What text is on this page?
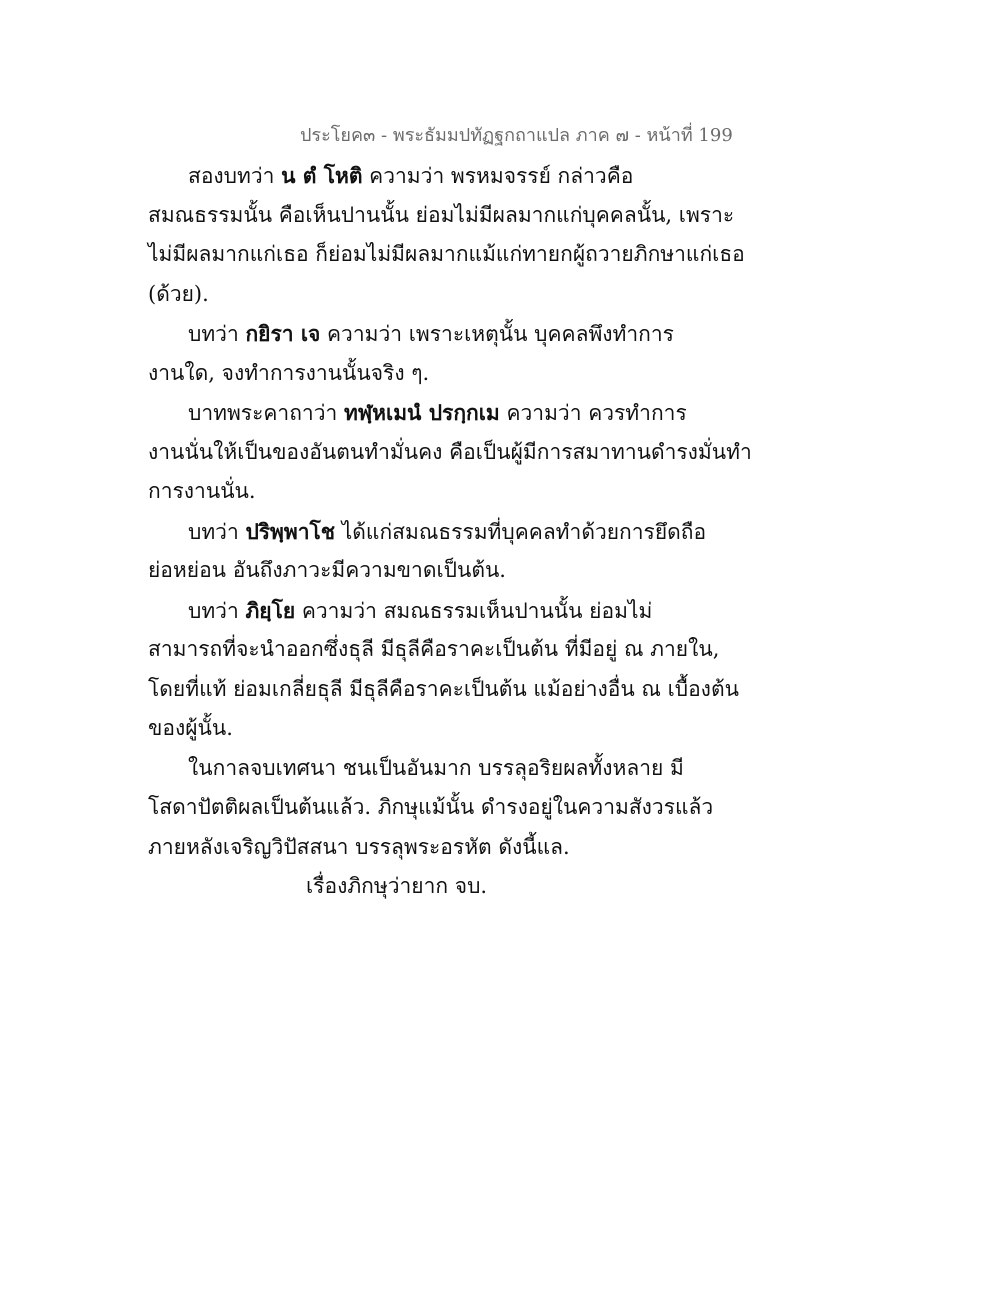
ประโยค๓ - พระธัมมปทัฏฐกถาแปล ภาค ๗ - หน้าที่ 199
สองบทว่า น ตํ โหติ ความว่า พรหมจรรย์ กล่าวคือ
สมณธรรมนั้น คือเห็นปานนั้น ย่อมไม่มีผลมากแก่บุคคลนั้น, เพราะ
ไม่มีผลมากแก่เธอ ก็ย่อมไม่มีผลมากแม้แก่ทายกผู้ถวายภิกษาแก่เธอ
(ด้วย).
บทว่า กยิรา เจ ความว่า เพราะเหตุนั้น บุคคลพึงทำการ
งานใด, จงทำการงานนั้นจริง ๆ.
บาทพระคาถาว่า ทฬฺหเมนํ ปรกฺกเม ความว่า ควรทำการ
งานนั่นให้เป็นของอันตนทำมั่นคง คือเป็นผู้มีการสมาทานดำรงมั่นทำ
การงานนั่น.
บทว่า ปริพฺพาโช ได้แก่สมณธรรมที่บุคคลทำด้วยการยึดถือ
ย่อหย่อน อันถึงภาวะมีความขาดเป็นต้น.
บทว่า ภิยฺโย ความว่า สมณธรรมเห็นปานนั้น ย่อมไม่
สามารถที่จะนำออกซึ่งธุลี มีธุลีคือราคะเป็นต้น ที่มีอยู่ ณ ภายใน,
โดยที่แท้ ย่อมเกลี่ยธุลี มีธุลีคือราคะเป็นต้น แม้อย่างอื่น ณ เบื้องต้น
ของผู้นั้น.
ในกาลจบเทศนา ชนเป็นอันมาก บรรลุอริยผลทั้งหลาย มี
โสดาปัตติผลเป็นต้นแล้ว. ภิกษุแม้นั้น ดำรงอยู่ในความสังวรแล้ว
ภายหลังเจริญวิปัสสนา บรรลุพระอรหัต ดังนี้แล.
เรื่องภิกษุว่ายาก จบ.
